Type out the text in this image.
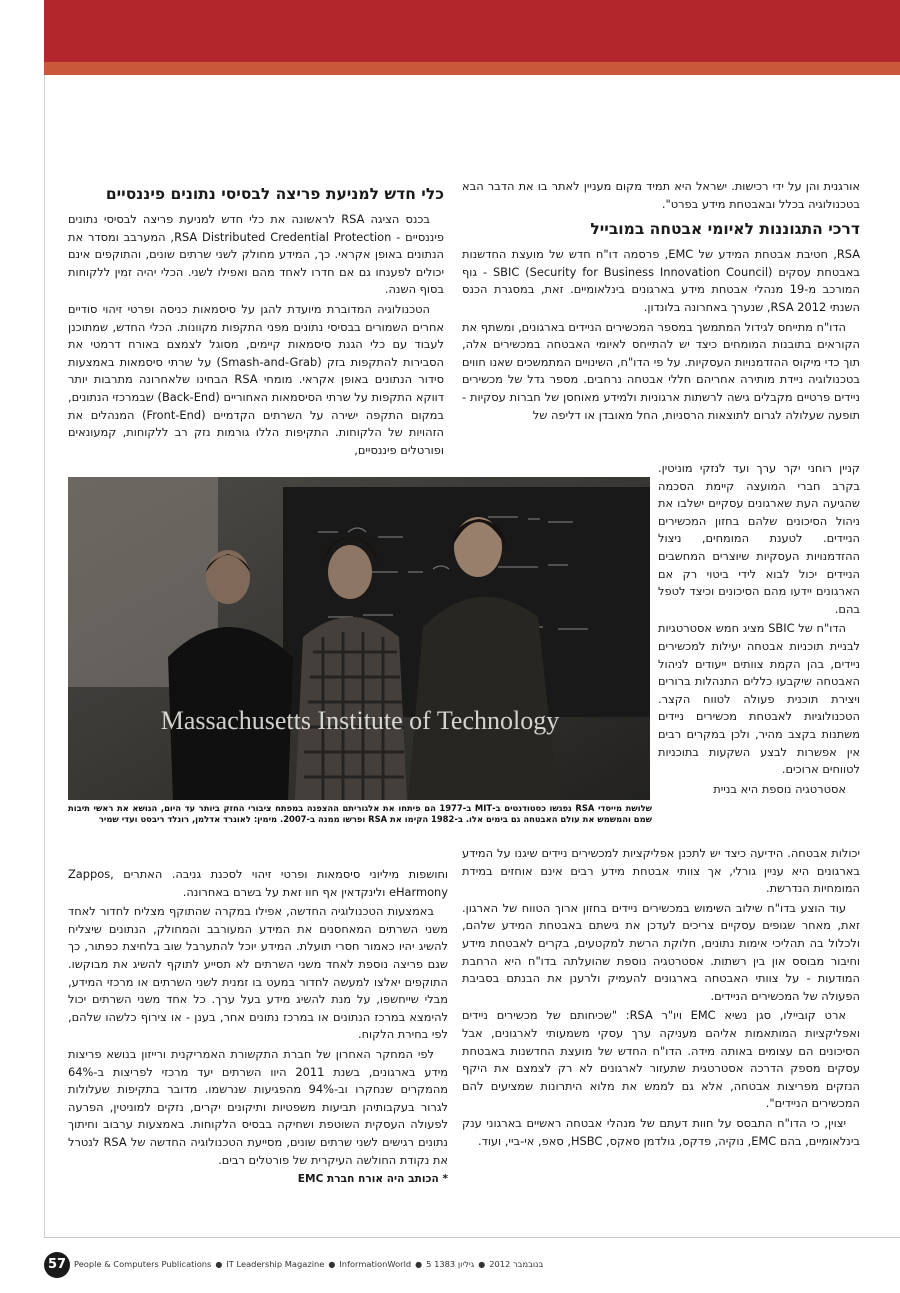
אורגנית והן על ידי רכישות. ישראל היא תמיד מקום מעניין לאתר בו את הדבר הבא בטכנולוגיה בכלל ובאבטחת מידע בפרט".

דרכי התגוננות לאיומי אבטחה במובייל

RSA, חטיבת אבטחת המידע של EMC, פרסמה דו"ח חדש של מועצת החדשנות באבטחת עסקים (SBIC (Security for Business Innovation Council - גוף המורכב מ-19 מנהלי אבטחת מידע בארגונים בינלאומיים. זאת, במסגרת הכנס השנתי RSA 2012, שנערך באחרונה בלונדון.

הדו"ח מתייחס לגידול המתמשך במספר המכשירים הניידים בארגונים, ומשתף את הקוראים בתובנות המומחים כיצד יש להתייחס לאיומי האבטחה במכשירים אלה, תוך כדי מיקוס ההזדמנויות העסקיות. על פי הדו"ח, השינויים המתמשכים שאנו חווים בטכנולוגיה ניידת מותירה אחריהם חללי אבטחה נרחבים. מספר גדל של מכשירים ניידים פרטיים מקבלים גישה לרשתות ארגוניות ולמידע מאוחסן של חברות עסקיות - תופעה שעלולה לגרום לתוצאות הרסניות, החל מאובדן או דליפה של

כלי חדש למניעת פריצה לבסיסי נתונים פיננסיים

בכנס הציגה RSA לראשונה את כלי חדש למניעת פריצה לבסיסי נתונים פיננסיים - RSA Distributed Credential Protection, המערבב ומסדר את הנתונים באופן אקראי. כך, המידע מחולק לשני שרתים שונים, והתוקפים אינם יכולים לפענחו גם אם חדרו לאחד מהם ואפילו לשני. הכלי יהיה זמין ללקוחות בסוף השנה.

הטכנולוגיה המדוברת מיועדת להגן על סיסמאות כניסה ופרטי זיהוי סודיים אחרים השמורים בבסיסי נתונים מפני התקפות מקוונות. הכלי החדש, שמתוכנן לעבוד עם כלי הגנת סיסמאות קיימים, מסוגל לצמצם באורח דרמטי את הסבירות להתקפות בזק (Smash-and-Grab) על שרתי סיסמאות באמצעות סידור הנתונים באופן אקראי. מומחי RSA הבחינו שלאחרונה מתרבות יותר דווקא התקפות על שרתי הסיסמאות האחוריים (Back-End) שבמרכזי הנתונים, במקום התקפה ישירה על השרתים הקדמיים (Front-End) המנהלים את הזהויות של הלקוחות. התקיפות הללו גורמות נזק רב ללקוחות, קמעונאים ופורטלים פיננסיים,

Massachusetts Institute of Technology
שלושת מייסדי RSA נפגשו כסטודנטים ב-MIT ב-1977 הם פיתחו את אלגוריתם ההצפנה במפתח ציבורי החזק ביותר עד היום, הנושא את ראשי תיבות שמם והמשמש את עולם האבטחה גם בימים אלו. ב-1982 הקימו את RSA ופרשו ממנה ב-2007. מימין: לאונרד אדלמן, רונלד ריבסט ועדי שמיר

קניין רוחני יקר ערך ועד לנזקי מוניטין. בקרב חברי המועצה קיימת הסכמה שהגיעה העת שארגונים עסקיים ישלבו את ניהול הסיכונים שלהם בחזון המכשירים הניידים. לטענת המומחים, ניצול ההזדמנויות העסקיות שיוצרים המחשבים הניידים יכול לבוא לידי ביטוי רק אם הארגונים יידעו מהם הסיכונים וכיצד לטפל בהם.

הדו"ח של SBIC מציג חמש אסטרטגיות לבניית תוכניות אבטחה יעילות למכשירים ניידים, בהן הקמת צוותים ייעודים לניהול האבטחה שיקבעו כללים התנהלות ברורים ויצירת תוכנית פעולה לטווח הקצר. הטכנולוגיות לאבטחת מכשירים ניידים משתנות בקצב מהיר, ולכן במקרים רבים אין אפשרות לבצע השקעות בתוכניות לטווחים ארוכים.

אסטרטגיה נוספת היא בניית

יכולות אבטחה. הידיעה כיצד יש לתכנן אפליקציות למכשירים ניידים שיגנו על המידע בארגונים היא עניין גורלי, אך צוותי אבטחת מידע רבים אינם אוחזים במידת המומחיות הנדרשת.

עוד הוצע בדו"ח שילוב השימוש במכשירים ניידים בחזון ארוך הטווח של הארגון. זאת, מאחר שגופים עסקיים צריכים לעדכן את גישתם באבטחת המידע שלהם, ולכלול בה תהליכי אימות נתונים, חלוקת הרשת למקטעים, בקרים לאבטחת מידע וחיבור מבוסס און בין רשתות. אסטרטגיה נוספת שהועלתה בדו"ח היא הרחבת המודעות - על צוותי האבטחה בארגונים להעמיק ולרענן את הבנתם בסביבת הפעולה של המכשירים הניידים.

ארט קוביילו, סגן נשיא EMC ויו"ר RSA: "שכיחותם של מכשירים ניידים ואפליקציות המותאמות אליהם מעניקה ערך עסקי משמעותי לארגונים, אבל הסיכונים הם עצומים באותה מידה. הדו"ח החדש של מועצת החדשנות באבטחת עסקים מספק הדרכה אסטרטגית שתעזור לארגונים לא רק לצמצם את היקף הנזקים מפריצות אבטחה, אלא גם לממש את מלוא היתרונות שמציעים להם המכשירים הניידים".

יצוין, כי הדו"ח התבסס על חוות דעתם של מנהלי אבטחה ראשיים בארגוני ענק בינלאומיים, בהם EMC, נוקיה, פדקס, גולדמן סאקס, HSBC, סאפ, אי-ביי, ועוד.

וחושפות מיליוני סיסמאות ופרטי זיהוי לסכנת גניבה. האתרים Zappos, eHarmony ולינקדאין אף חוו זאת על בשרם באחרונה.

באמצעות הטכנולוגיה החדשה, אפילו במקרה שהתוקף מצליח לחדור לאחד משני השרתים המאחסנים את המידע המעורבב והמחולק, הנתונים שיצליח להשיג יהיו כאמור חסרי תועלת. המידע יוכל להתערבל שוב בלחיצת כפתור, כך שגם פריצה נוספת לאחד משני השרתים לא תסייע לתוקף להשיג את מבוקשו. התוקפים יאלצו למעשה לחדור במעט בו זמנית לשני השרתים או מרכזי המידע, מבלי שייחשפו, על מנת להשיג מידע בעל ערך. כל אחד משני השרתים יכול להימצא במרכז הנתונים או במרכז נתונים אחר, בענן - או צירוף כלשהו שלהם, לפי בחירת הלקוח.

לפי המחקר האחרון של חברת התקשורת האמריקנית ורייזון בנושא פריצות מידע בארגונים, בשנת 2011 היוו השרתים יעד מרכזי לפריצות ב-64% מהמקרים שנחקרו וב-94% מהפגיעות שנרשמו. מדובר בתקיפות שעלולות לגרור בעקבותיהן תביעות משפטיות ותיקונים יקרים, נזקים למוניטין, הפרעה לפעולה העסקית השוטפת ושחיקה בבסיס הלקוחות. באמצעות ערבוב וחיתוך נתונים רגישים לשני שרתים שונים, מסייעת הטכנולוגיה החדשה של RSA לנטרל את נקודת החולשה העיקרית של פורטלים רבים.

* הכותב היה אורח חברת EMC

57 People & Computers Publications ● IT Leadership Magazine ● InformationWorld ● 5 בנובמבר 2012●גיליון 1383
